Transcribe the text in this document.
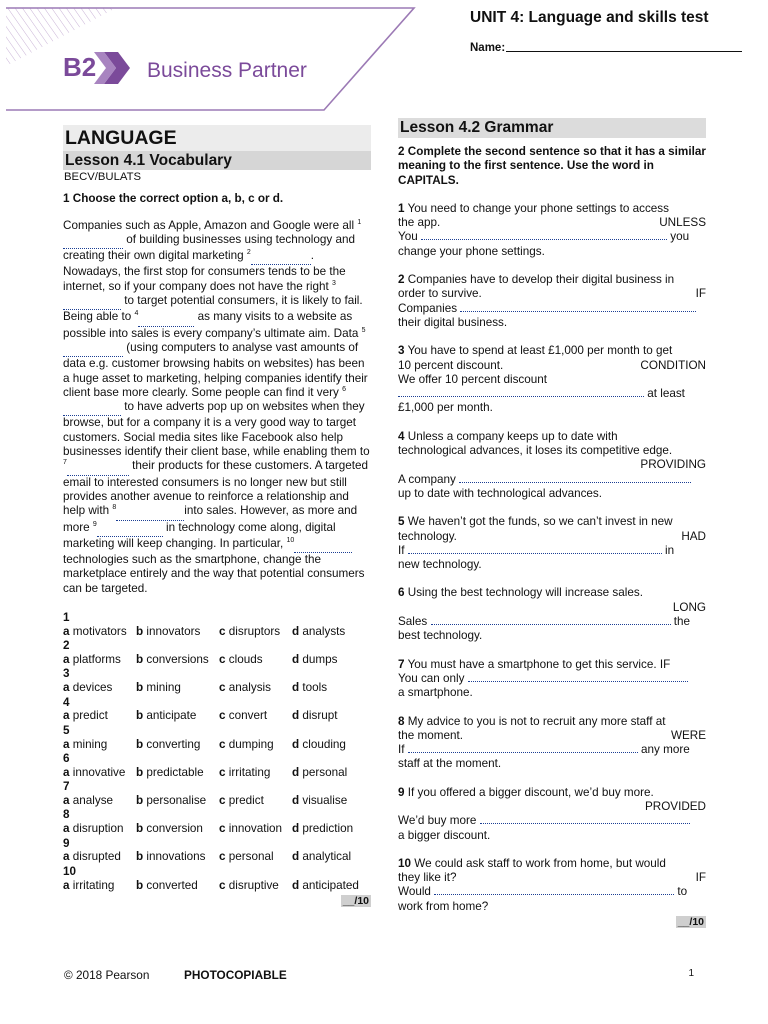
B2 Business Partner
UNIT 4: Language and skills test
Name:
LANGUAGE
Lesson 4.1 Vocabulary
BECV/BULATS
1 Choose the correct option a, b, c or d.
Companies such as Apple, Amazon and Google were all $^1$  of building businesses using technology and creating their own digital marketing $^2$	. Nowadays, the first stop for consumers tends to be the internet, so if your company does not have the right $^3$  to target potential consumers, it is likely to fail. Being able to $^4$	as many visits to a website as possible into sales is every company’s ultimate aim. Data $^5$  (using computers to analyse vast amounts of data e.g. customer browsing habits on websites) has been a huge asset to marketing, helping companies identify their client base more clearly. Some people can find it very $^6$  to have adverts pop up on websites when they browse, but for a company it is a very good way to target customers. Social media sites like Facebook also help businesses identify their client base, while enabling them to $^7$	their products for these customers. A targeted email to interested consumers is no longer new but still provides another avenue to reinforce a relationship and help with $^8$	into sales. However, as more and more $^9$	in technology come along, digital marketing will keep changing. In particular, $^{10}$ technologies such as the smartphone, change the marketplace entirely and the way that potential consumers can be targeted.
1
a motivators b innovators	c disruptors	d analysts
2
a platforms	b conversions c clouds	d dumps
3
a devices	b mining	c analysis	d tools
4
a predict	b anticipate	c convert	d disrupt
5
a mining	b converting	c dumping	d clouding
6
a innovative b predictable	c irritating	d personal
7
a analyse	b personalise	c predict	d visualise
8
a disruption	b conversion	c innovation d prediction
9
a disrupted	b innovations	c personal	d analytical
10
a irritating	b converted	c disruptive	d anticipated
__/10
Lesson 4.2 Grammar
2 Complete the second sentence so that it has a similar meaning to the first sentence. Use the word in CAPITALS.
1 You need to change your phone settings to access
the app.	UNLESS
You	you
change your phone settings.
2 Companies have to develop their digital business in
order to survive.	IF
Companies
their digital business.
3 You have to spend at least £1,000 per month to get
10 percent discount.	CONDITION
We offer 10 percent discount
at least
£1,000 per month.
4 Unless a company keeps up to date with
technological advances, it loses its competitive edge.
PROVIDING
A company
up to date with technological advances.
5 We haven’t got the funds, so we can’t invest in new
technology.	HAD
If	in
new technology.
6 Using the best technology will increase sales.
LONG
Sales	the
best technology.
7 You must have a smartphone to get this service. IF
You can only
a smartphone.
8 My advice to you is not to recruit any more staff at
the moment.	WERE
If	any more
staff at the moment.
9 If you offered a bigger discount, we’d buy more.
PROVIDED
We’d buy more
a bigger discount.
10 We could ask staff to work from home, but would
they like it?	IF
Would	to
work from home?
__/10
© 2018 Pearson	PHOTOCOPIABLE	1
